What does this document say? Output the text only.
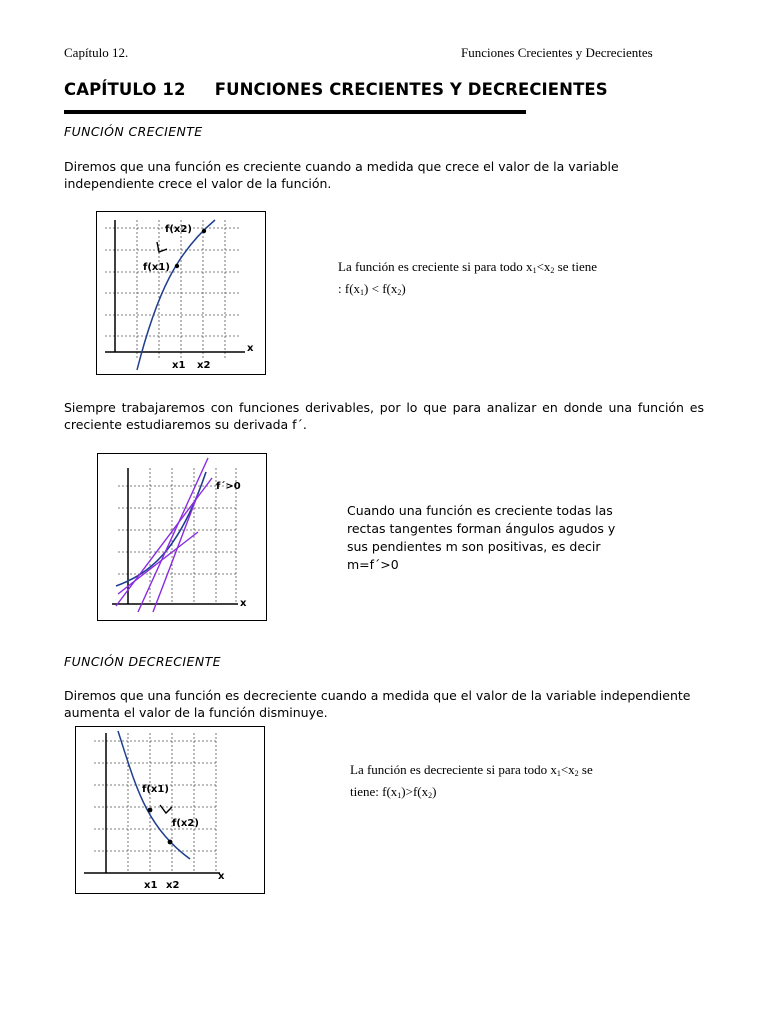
Capítulo 12.	Funciones Crecientes y Decrecientes
CAPÍTULO 12 FUNCIONES CRECIENTES Y DECRECIENTES
FUNCIÓN CRECIENTE
Diremos que una función es creciente cuando a medida que crece el valor de la variable independiente crece el valor de la función.
f(x2)
f(x1)
x1 x2
x
La función es creciente si para todo $x_1<x_2$ se tiene
: $f(x_1) < f(x_2)$
Siempre trabajaremos con funciones derivables, por lo que para analizar en donde una función es creciente estudiaremos su derivada f´.
f´>0
x
Cuando una función es creciente todas las rectas tangentes forman ángulos agudos y sus pendientes m son positivas, es decir m=f´>0
FUNCIÓN DECRECIENTE
Diremos que una función es decreciente cuando a medida que el valor de la variable independiente aumenta el valor de la función disminuye.
f(x1)
f(x2)
x1 x2
x
La función es decreciente si para todo $x_1<x_2$ se
tiene: $f(x_1)>f(x_2)$
